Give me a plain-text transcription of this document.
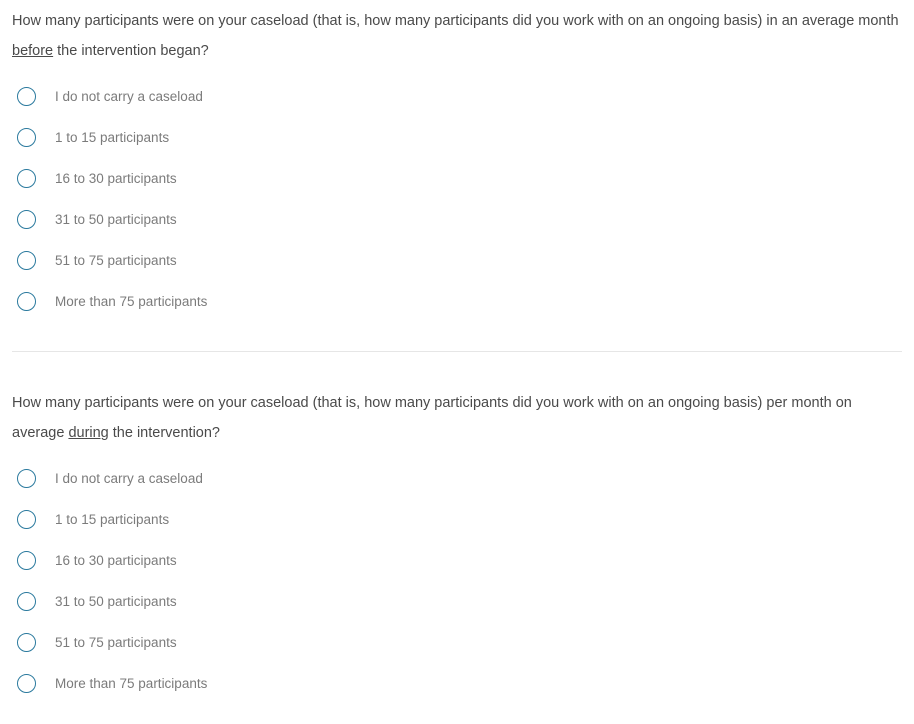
How many participants were on your caseload (that is, how many participants did you work with on an ongoing basis) in an average month before the intervention began?

I do not carry a caseload
1 to 15 participants
16 to 30 participants
31 to 50 participants
51 to 75 participants
More than 75 participants

How many participants were on your caseload (that is, how many participants did you work with on an ongoing basis) per month on average during the intervention?

I do not carry a caseload
1 to 15 participants
16 to 30 participants
31 to 50 participants
51 to 75 participants
More than 75 participants
